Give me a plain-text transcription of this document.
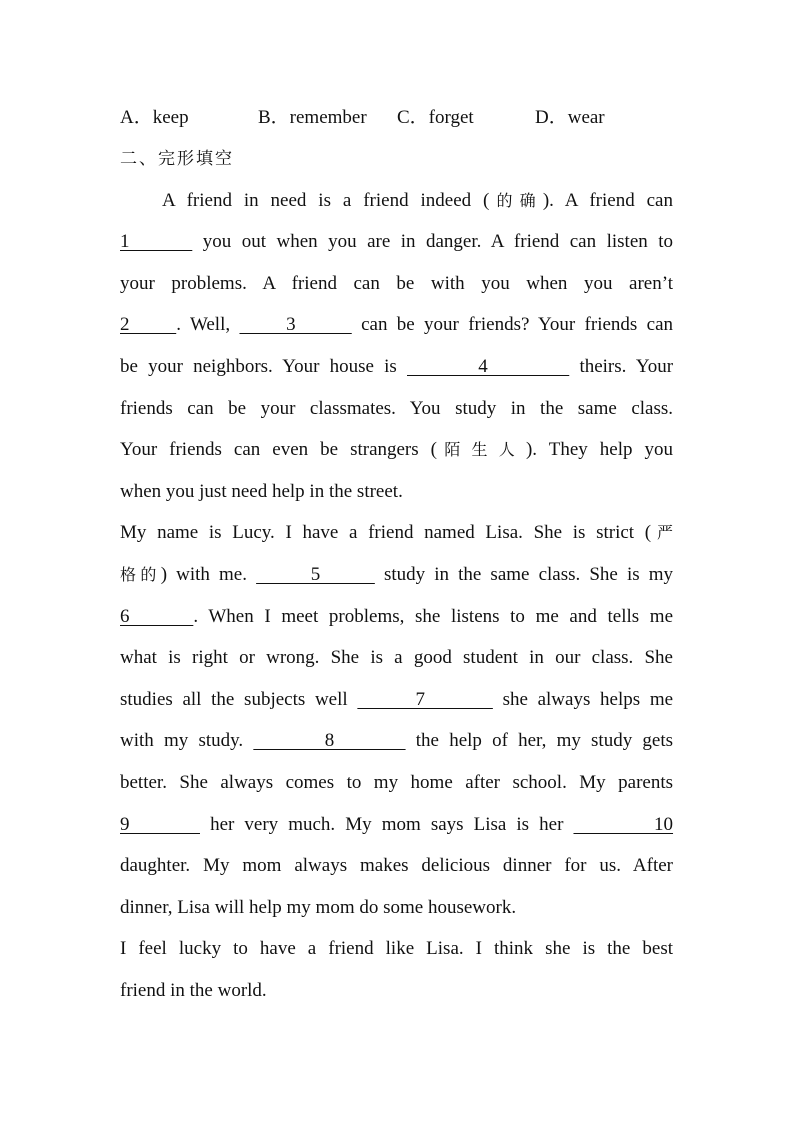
A．keep	B．remember C．forget	D．wear
二、完形填空
A friend in need is a friend indeed (的确). A friend can
1       you out when you are in danger. A friend can listen to
your problems. A friend can be with you when you aren’t
2     . Well,      3       can be your friends? Your friends can
be your neighbors. Your house is        4         theirs. Your
friends can be your classmates. You study in the same class.
Your friends can even be strangers (陌生人). They help you
when you just need help in the street.
My name is Lucy. I have a friend named Lisa. She is strict (严
格的) with me.       5       study in the same class. She is my
6      . When I meet problems, she listens to me and tells me
what is right or wrong. She is a good student in our class. She
studies all the subjects well       7        she always helps me
with my study.        8        the help of her, my study gets
better. She always comes to my home after school. My parents
9        her very much. My mom says Lisa is her         10
daughter. My mom always makes delicious dinner for us. After
dinner, Lisa will help my mom do some housework.
I feel lucky to have a friend like Lisa. I think she is the best
friend in the world.
